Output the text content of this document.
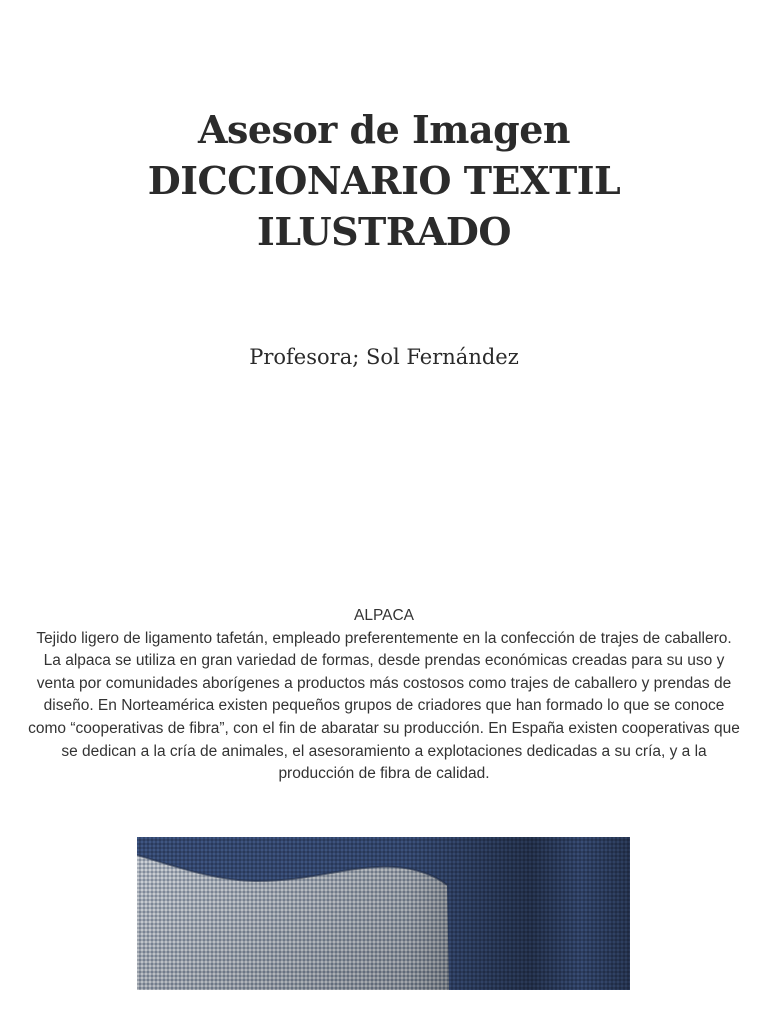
Asesor de Imagen
DICCIONARIO TEXTIL
ILUSTRADO
Profesora; Sol Fernández

ALPACA

Tejido ligero de ligamento tafetán, empleado preferentemente en la confección de trajes de caballero.

La alpaca se utiliza en gran variedad de formas, desde prendas económicas creadas para su uso y venta por comunidades aborígenes a productos más costosos como trajes de caballero y prendas de diseño. En Norteamérica existen pequeños grupos de criadores que han formado lo que se conoce como “cooperativas de fibra”, con el fin de abaratar su producción. En España existen cooperativas que se dedican a la cría de animales, el asesoramiento a explotaciones dedicadas a su cría, y a la producción de fibra de calidad.
